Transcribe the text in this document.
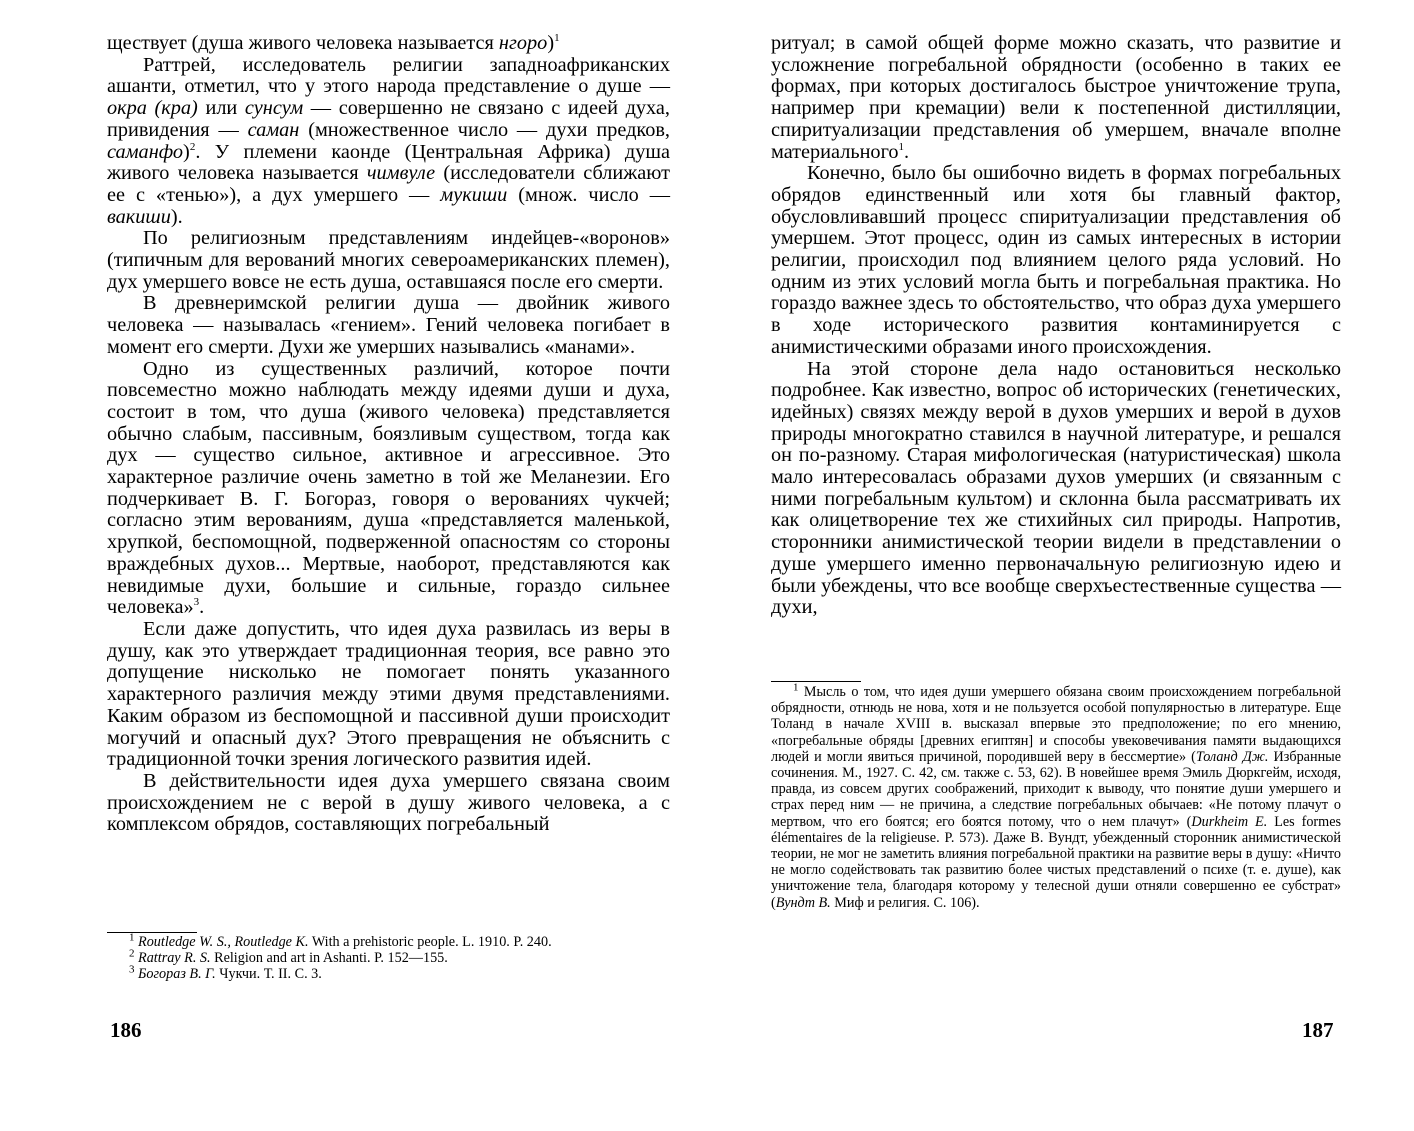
ществует (душа живого человека называется нгоро)$^1$

Раттрей, исследователь религии западноафриканских ашанти, отметил, что у этого народа представление о душе — окра (кра) или сунсум — совершенно не связано с идеей духа, привидения — саман (множественное число — духи предков, саманфо)$^2$. У племени каонде (Центральная Африка) душа живого человека называется чимвуле (исследователи сближают ее с «тенью»), а дух умершего — мукиши (множ. число — вакиши).

По религиозным представлениям индейцев-«воронов» (типичным для верований многих североамериканских племен), дух умершего вовсе не есть душа, оставшаяся после его смерти.

В древнеримской религии душа — двойник живого человека — называлась «гением». Гений человека погибает в момент его смерти. Духи же умерших назывались «манами».

Одно из существенных различий, которое почти повсеместно можно наблюдать между идеями души и духа, состоит в том, что душа (живого человека) представляется обычно слабым, пассивным, боязливым существом, тогда как дух — существо сильное, активное и агрессивное. Это характерное различие очень заметно в той же Меланезии. Его подчеркивает В. Г. Богораз, говоря о верованиях чукчей; согласно этим верованиям, душа «представляется маленькой, хрупкой, беспомощной, подверженной опасностям со стороны враждебных духов... Мертвые, наоборот, представляются как невидимые духи, большие и сильные, гораздо сильнее человека»$^3$.

Если даже допустить, что идея духа развилась из веры в душу, как это утверждает традиционная теория, все равно это допущение нисколько не помогает понять указанного характерного различия между этими двумя представлениями. Каким образом из беспомощной и пассивной души происходит могучий и опасный дух? Этого превращения не объяснить с традиционной точки зрения логического развития идей.

В действительности идея духа умершего связана своим происхождением не с верой в душу живого человека, а с комплексом обрядов, составляющих погребальный

$^1$ Routledge W. S., Routledge K. With a prehistoric people. L. 1910. P. 240.

$^2$ Rattray R. S. Religion and art in Ashanti. P. 152—155.

$^3$ Богораз В. Г. Чукчи. Т. II. С. 3.

186

ритуал; в самой общей форме можно сказать, что развитие и усложнение погребальной обрядности (особенно в таких ее формах, при которых достигалось быстрое уничтожение трупа, например при кремации) вели к постепенной дистилляции, спиритуализации представления об умершем, вначале вполне материального$^1$.

Конечно, было бы ошибочно видеть в формах погребальных обрядов единственный или хотя бы главный фактор, обусловливавший процесс спиритуализации представления об умершем. Этот процесс, один из самых интересных в истории религии, происходил под влиянием целого ряда условий. Но одним из этих условий могла быть и погребальная практика. Но гораздо важнее здесь то обстоятельство, что образ духа умершего в ходе исторического развития контаминируется с анимистическими образами иного происхождения.

На этой стороне дела надо остановиться несколько подробнее. Как известно, вопрос об исторических (генетических, идейных) связях между верой в духов умерших и верой в духов природы многократно ставился в научной литературе, и решался он по-разному. Старая мифологическая (натуристическая) школа мало интересовалась образами духов умерших (и связанным с ними погребальным культом) и склонна была рассматривать их как олицетворение тех же стихийных сил природы. Напротив, сторонники анимистической теории видели в представлении о душе умершего именно первоначальную религиозную идею и были убеждены, что все вообще сверхъестественные существа — духи,

$^1$ Мысль о том, что идея души умершего обязана своим происхождением погребальной обрядности, отнюдь не нова, хотя и не пользуется особой популярностью в литературе. Еще Толанд в начале XVIII в. высказал впервые это предположение; по его мнению, «погребальные обряды [древних египтян] и способы увековечивания памяти выдающихся людей и могли явиться причиной, породившей веру в бессмертие» (Толанд Дж. Избранные сочинения. М., 1927. С. 42, см. также с. 53, 62). В новейшее время Эмиль Дюркгейм, исходя, правда, из совсем других соображений, приходит к выводу, что понятие души умершего и страх перед ним — не причина, а следствие погребальных обычаев: «Не потому плачут о мертвом, что его боятся; его боятся потому, что о нем плачут» (Durkheim E. Les formes élémentaires de la religieuse. P. 573). Даже В. Вундт, убежденный сторонник анимистической теории, не мог не заметить влияния погребальной практики на развитие веры в душу: «Ничто не могло содействовать так развитию более чистых представлений о психе (т. е. душе), как уничтожение тела, благодаря которому у телесной души отняли совершенно ее субстрат» (Вундт В. Миф и религия. С. 106).

187
